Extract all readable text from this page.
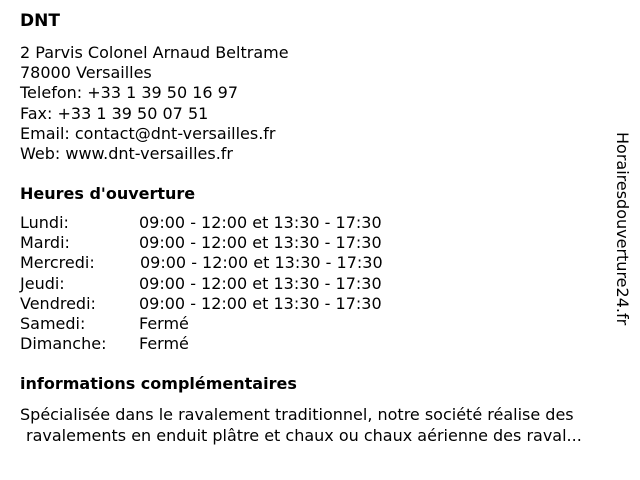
DNT
2 Parvis Colonel Arnaud Beltrame
78000 Versailles
Telefon: +33 1 39 50 16 97
Fax: +33 1 39 50 07 51
Email: contact@dnt-versailles.fr
Web: www.dnt-versailles.fr
Heures d'ouverture
Lundi:	09:00 - 12:00 et 13:30 - 17:30
Mardi:	09:00 - 12:00 et 13:30 - 17:30
Mercredi:	09:00 - 12:00 et 13:30 - 17:30
Jeudi:	09:00 - 12:00 et 13:30 - 17:30
Vendredi:	09:00 - 12:00 et 13:30 - 17:30
Samedi:	Fermé
Dimanche: Fermé
informations complémentaires
Spécialisée dans le ravalement traditionnel, notre société réalise des
ravalements en enduit plâtre et chaux ou chaux aérienne des raval...
Horairesdouverture24.fr
